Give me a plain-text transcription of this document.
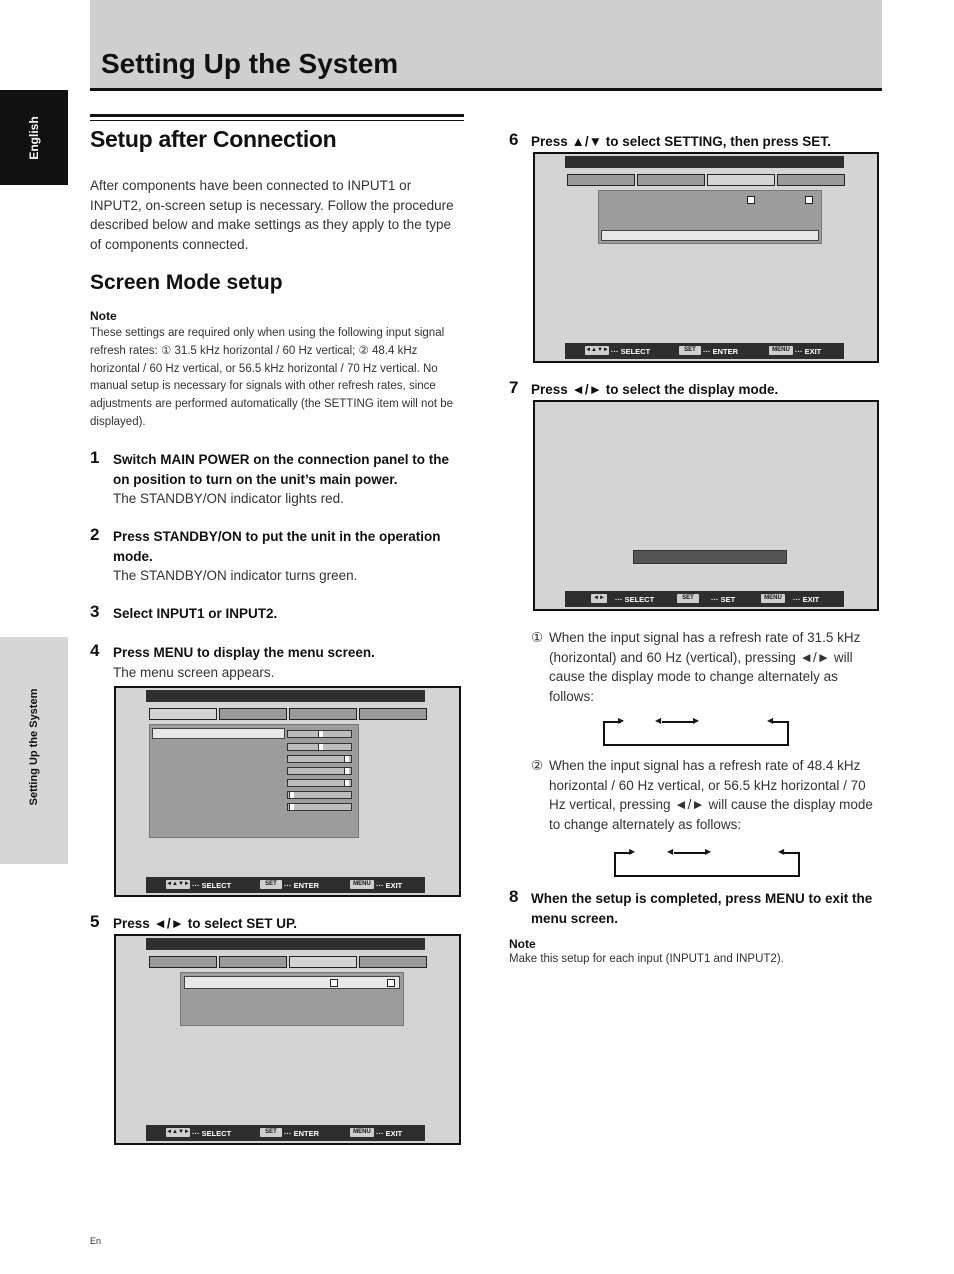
Setting Up the System
English
Setting Up the System
Setup after Connection
After components have been connected to INPUT1 or INPUT2, on-screen setup is necessary. Follow the procedure described below and make settings as they apply to the type of components connected.
Screen Mode setup
Note
These settings are required only when using the following input signal refresh rates: ① 31.5 kHz horizontal / 60 Hz vertical; ② 48.4 kHz horizontal / 60 Hz vertical, or 56.5 kHz horizontal / 70 Hz vertical. No manual setup is necessary for signals with other refresh rates, since adjustments are performed automatically (the SETTING item will not be displayed).
1 Switch MAIN POWER on the connection panel to the on position to turn on the unit’s main power.
The STANDBY/ON indicator lights red.
2 Press STANDBY/ON to put the unit in the operation mode.
The STANDBY/ON indicator turns green.
3 Select INPUT1 or INPUT2.
4 Press MENU to display the menu screen.
The menu screen appears.
◄▲▼► ··· SELECT	SET ··· ENTER	MENU ··· EXIT
5 Press ◄/► to select SET UP.
◄▲▼► ··· SELECT	SET ··· ENTER	MENU ··· EXIT
6 Press ▲/▼ to select SETTING, then press SET.
◄▲▼► ··· SELECT	SET ··· ENTER	MENU ··· EXIT
7 Press ◄/► to select the display mode.
◄► ··· SELECT	SET	··· SET	MENU	··· EXIT
① When the input signal has a refresh rate of 31.5 kHz (horizontal) and 60 Hz (vertical), pressing ◄/► will cause the display mode to change alternately as follows:
▶	◀	▶	◀
② When the input signal has a refresh rate of 48.4 kHz horizontal / 60 Hz vertical, or 56.5 kHz horizontal / 70 Hz vertical, pressing ◄/► will cause the display mode to change alternately as follows:
▶	◀	▶	◀
8 When the setup is completed, press MENU to exit the menu screen.
Note
Make this setup for each input (INPUT1 and INPUT2).
En
